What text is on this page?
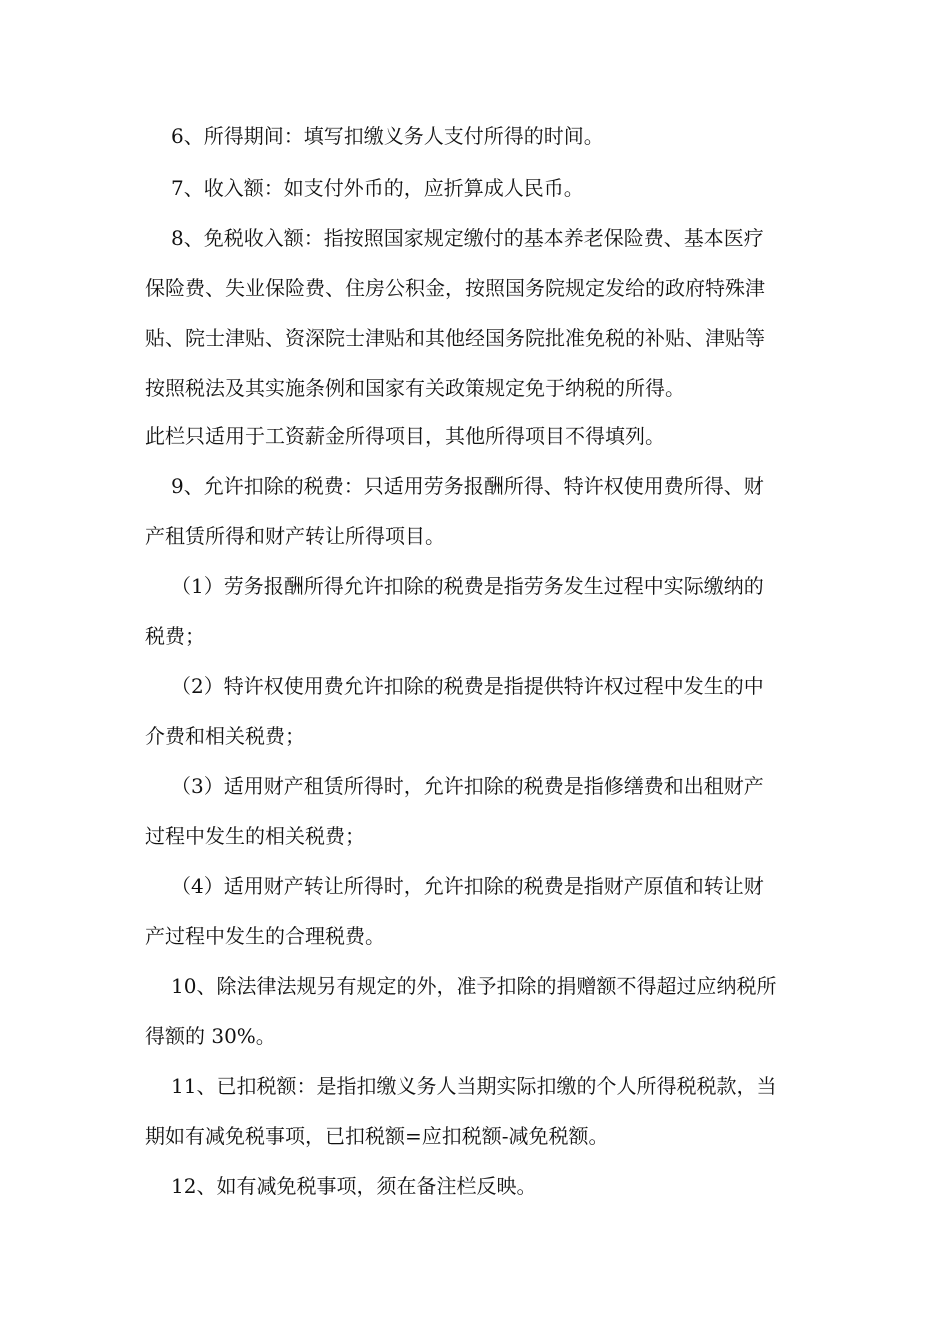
6、所得期间：填写扣缴义务人支付所得的时间。
7、收入额：如支付外币的，应折算成人民币。
8、免税收入额：指按照国家规定缴付的基本养老保险费、基本医疗
保险费、失业保险费、住房公积金，按照国务院规定发给的政府特殊津
贴、院士津贴、资深院士津贴和其他经国务院批准免税的补贴、津贴等
按照税法及其实施条例和国家有关政策规定免于纳税的所得。
此栏只适用于工资薪金所得项目，其他所得项目不得填列。
9、允许扣除的税费：只适用劳务报酬所得、特许权使用费所得、财
产租赁所得和财产转让所得项目。
（1）劳务报酬所得允许扣除的税费是指劳务发生过程中实际缴纳的
税费；
（2）特许权使用费允许扣除的税费是指提供特许权过程中发生的中
介费和相关税费；
（3）适用财产租赁所得时，允许扣除的税费是指修缮费和出租财产
过程中发生的相关税费；
（4）适用财产转让所得时，允许扣除的税费是指财产原值和转让财
产过程中发生的合理税费。
10、除法律法规另有规定的外，准予扣除的捐赠额不得超过应纳税所
得额的 30%。
11、已扣税额：是指扣缴义务人当期实际扣缴的个人所得税税款，当
期如有减免税事项，已扣税额=应扣税额-减免税额。
12、如有减免税事项，须在备注栏反映。
